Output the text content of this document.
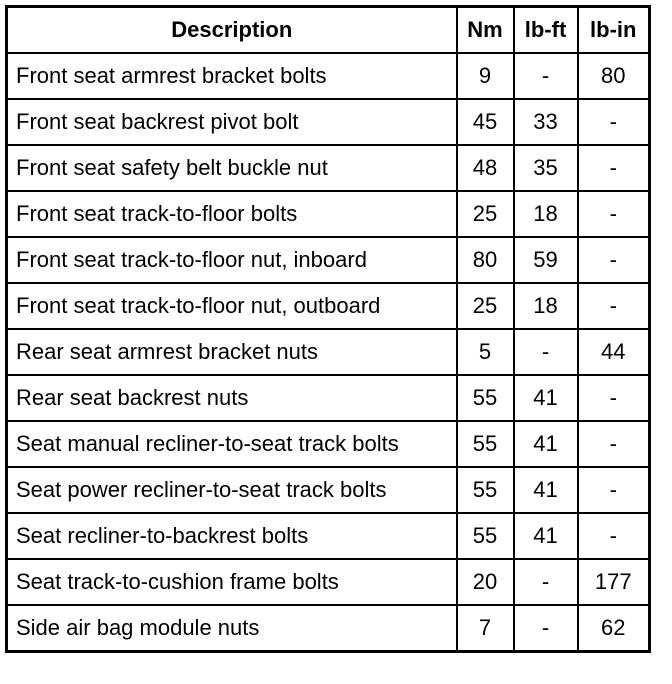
Description	Nm	lb-ft	lb-in
Front seat armrest bracket bolts	9	-	80
Front seat backrest pivot bolt	45	33	-
Front seat safety belt buckle nut	48	35	-
Front seat track-to-floor bolts	25	18	-
Front seat track-to-floor nut, inboard	80	59	-
Front seat track-to-floor nut, outboard	25	18	-
Rear seat armrest bracket nuts	5	-	44
Rear seat backrest nuts	55	41	-
Seat manual recliner-to-seat track bolts	55	41	-
Seat power recliner-to-seat track bolts	55	41	-
Seat recliner-to-backrest bolts	55	41	-
Seat track-to-cushion frame bolts	20	-	177
Side air bag module nuts	7	-	62
